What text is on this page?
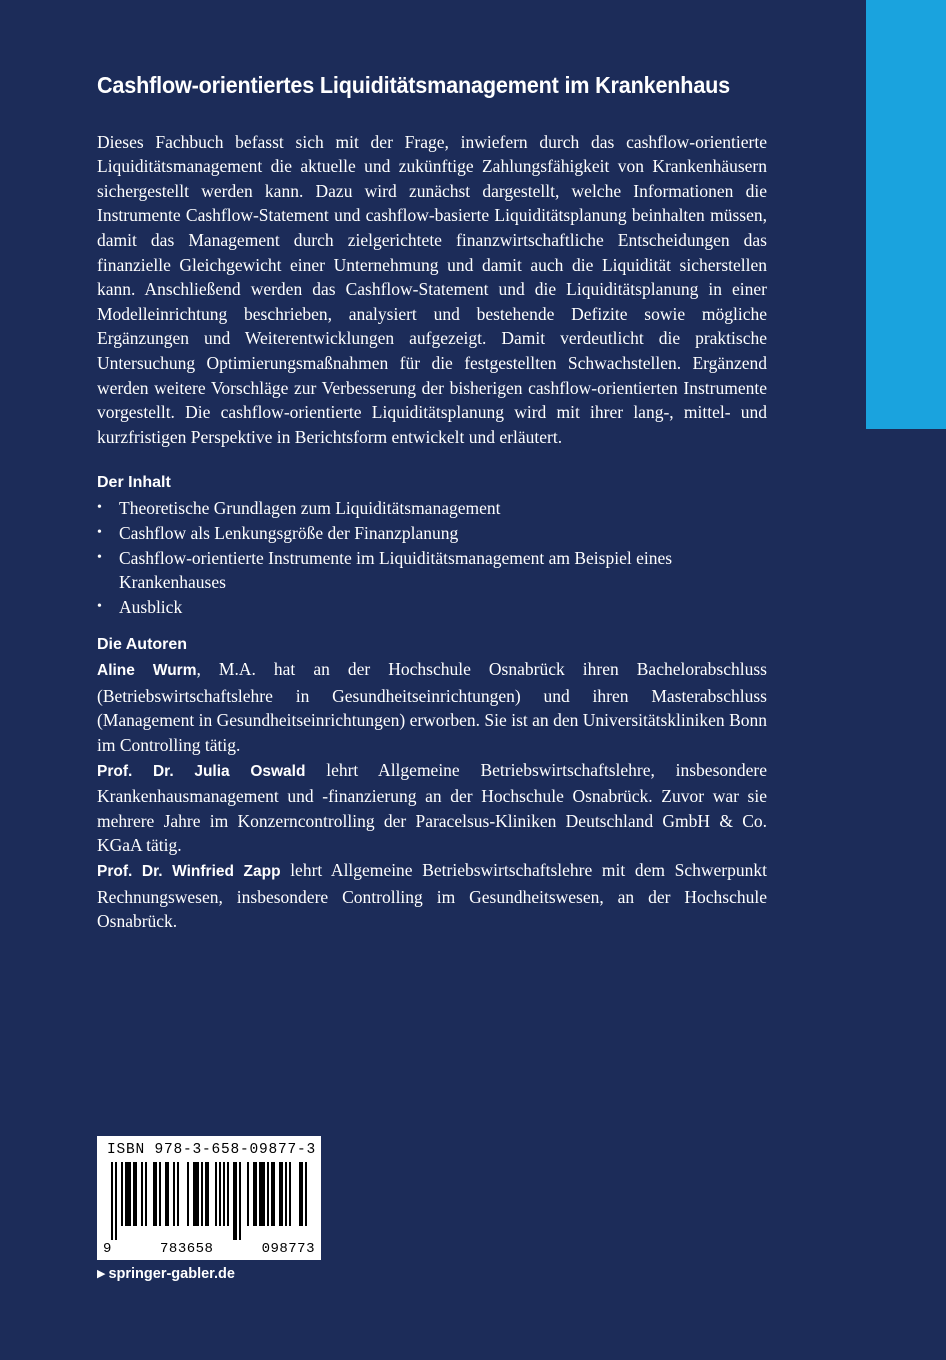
Cashflow-orientiertes Liquiditätsmanagement im Krankenhaus

Dieses Fachbuch befasst sich mit der Frage, inwiefern durch das cashflow-orientierte Liquiditätsmanagement die aktuelle und zukünftige Zahlungsfähigkeit von Krankenhäusern sichergestellt werden kann. Dazu wird zunächst dargestellt, welche Informationen die Instrumente Cashflow-Statement und cashflow-basierte Liquiditätsplanung beinhalten müssen, damit das Management durch zielgerichtete finanzwirtschaftliche Entscheidungen das finanzielle Gleichgewicht einer Unternehmung und damit auch die Liquidität sicherstellen kann. Anschließend werden das Cashflow-Statement und die Liquiditätsplanung in einer Modelleinrichtung beschrieben, analysiert und bestehende Defizite sowie mögliche Ergänzungen und Weiterentwicklungen aufgezeigt. Damit verdeutlicht die praktische Untersuchung Optimierungsmaßnahmen für die festgestellten Schwachstellen. Ergänzend werden weitere Vorschläge zur Verbesserung der bisherigen cashflow-orientierten Instrumente vorgestellt. Die cashflow-orientierte Liquiditätsplanung wird mit ihrer lang-, mittel- und kurzfristigen Perspektive in Berichtsform entwickelt und erläutert.

Der Inhalt
• Theoretische Grundlagen zum Liquiditätsmanagement
• Cashflow als Lenkungsgröße der Finanzplanung
• Cashflow-orientierte Instrumente im Liquiditätsmanagement am Beispiel eines Krankenhauses
• Ausblick
Die Autoren

Aline Wurm, M.A. hat an der Hochschule Osnabrück ihren Bachelorabschluss (Betriebswirtschaftslehre in Gesundheitseinrichtungen) und ihren Masterabschluss (Management in Gesundheitseinrichtungen) erworben. Sie ist an den Universitätskliniken Bonn im Controlling tätig.

Prof. Dr. Julia Oswald lehrt Allgemeine Betriebswirtschaftslehre, insbesondere Krankenhausmanagement und -finanzierung an der Hochschule Osnabrück. Zuvor war sie mehrere Jahre im Konzerncontrolling der Paracelsus-Kliniken Deutschland GmbH & Co. KGaA tätig.

Prof. Dr. Winfried Zapp lehrt Allgemeine Betriebswirtschaftslehre mit dem Schwerpunkt Rechnungswesen, insbesondere Controlling im Gesundheitswesen, an der Hochschule Osnabrück.

ISBN 978-3-658-09877-3
9	783658	098773
▶ springer-gabler.de
